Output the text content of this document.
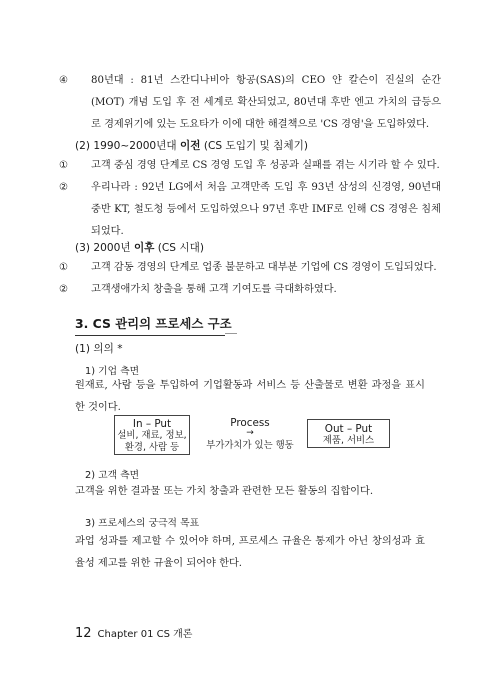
④ 80년대 : 81년 스칸디나비아 항공(SAS)의 CEO 얀 칼슨이 진실의 순간(MOT) 개념 도입 후 전 세계로 확산되었고, 80년대 후반 엔고 가치의 급등으로 경제위기에 있는 도요타가 이에 대한 해결책으로 'CS 경영'을 도입하였다.
(2) 1990~2000년대 이전 (CS 도입기 및 침체기)
① 고객 중심 경영 단계로 CS 경영 도입 후 성공과 실패를 겪는 시기라 할 수 있다.
② 우리나라 : 92년 LG에서 처음 고객만족 도입 후 93년 삼성의 신경영, 90년대 중반 KT, 철도청 등에서 도입하였으나 97년 후반 IMF로 인해 CS 경영은 침체되었다.
(3) 2000년 이후 (CS 시대)
① 고객 감동 경영의 단계로 업종 불문하고 대부분 기업에 CS 경영이 도입되었다.
② 고객생애가치 창출을 통해 고객 기여도를 극대화하였다.
3. CS 관리의 프로세스 구조
(1) 의의 *
1) 기업 측면
원재료, 사람 등을 투입하여 기업활동과 서비스 등 산출물로 변환 과정을 표시한 것이다.
In – Put
설비, 재료, 정보,
환경, 사람 등
Process
→
부가가치가 있는 행동
Out – Put
제품, 서비스
2) 고객 측면
고객을 위한 결과물 또는 가치 창출과 관련한 모든 활동의 집합이다.
3) 프로세스의 궁극적 목표
과업 성과를 제고할 수 있어야 하며, 프로세스 규율은 통제가 아닌 창의성과 효율성 제고를 위한 규율이 되어야 한다.
12 Chapter 01 CS 개론
